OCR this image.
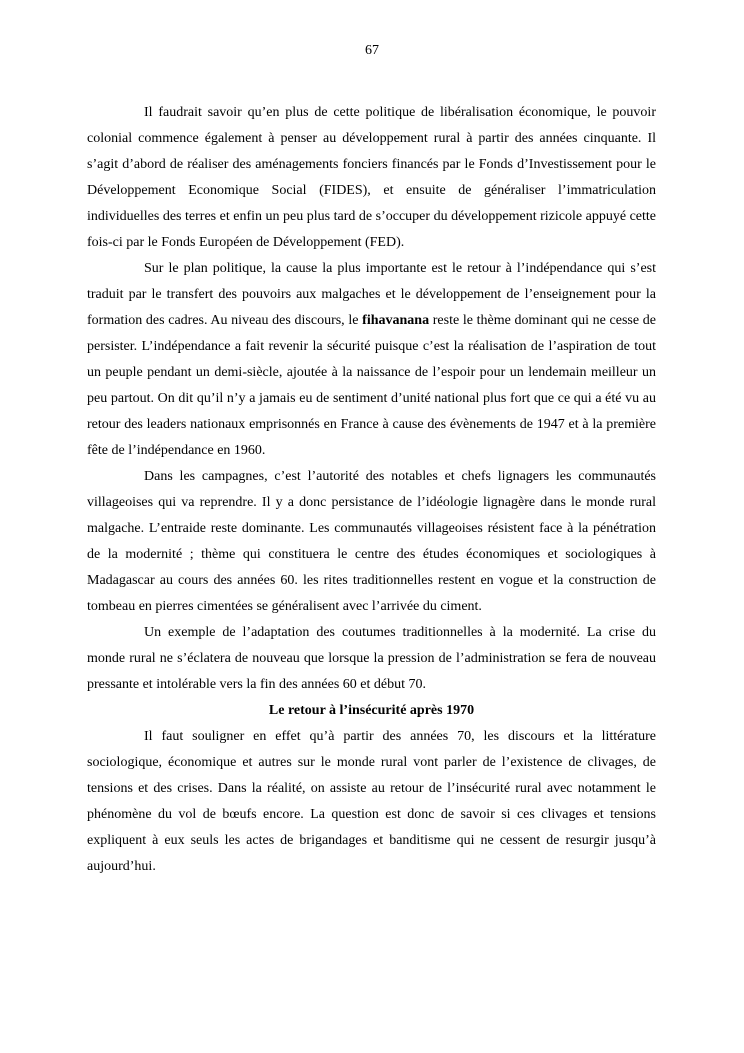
67

Il faudrait savoir qu’en plus de cette politique de libéralisation économique, le pouvoir colonial commence également à penser au développement rural à partir des années cinquante. Il s’agit d’abord de réaliser des aménagements fonciers financés par le Fonds d’Investissement pour le Développement Economique Social (FIDES), et ensuite de généraliser l’immatriculation individuelles des terres et enfin un peu plus tard de s’occuper du développement rizicole appuyé cette fois-ci par le Fonds Européen de Développement (FED).

Sur le plan politique, la cause la plus importante est le retour à l’indépendance qui s’est traduit par le transfert des pouvoirs aux malgaches et le développement de l’enseignement pour la formation des cadres. Au niveau des discours, le fihavanana reste le thème dominant qui ne cesse de persister. L’indépendance a fait revenir la sécurité puisque c’est la réalisation de l’aspiration de tout un peuple pendant un demi-siècle, ajoutée à la naissance de l’espoir pour un lendemain meilleur un peu partout. On dit qu’il n’y a jamais eu de sentiment d’unité national plus fort que ce qui a été vu au retour des leaders nationaux emprisonnés en France à cause des évènements de 1947 et à la première fête de l’indépendance en 1960.

Dans les campagnes, c’est l’autorité des notables et chefs lignagers les communautés villageoises qui va reprendre. Il y a donc persistance de l’idéologie lignagère dans le monde rural malgache. L’entraide reste dominante. Les communautés villageoises résistent face à la pénétration de la modernité ; thème qui constituera le centre des études économiques et sociologiques à Madagascar au cours des années 60. les rites traditionnelles restent en vogue et la construction de tombeau en pierres cimentées se généralisent avec l’arrivée du ciment.

Un exemple de l’adaptation des coutumes traditionnelles à la modernité. La crise du monde rural ne s’éclatera de nouveau que lorsque la pression de l’administration se fera de nouveau pressante et intolérable vers la fin des années 60 et début 70.

Le retour à l’insécurité après 1970

Il faut souligner en effet qu’à partir des années 70, les discours et la littérature sociologique, économique et autres sur le monde rural vont parler de l’existence de clivages, de tensions et des crises. Dans la réalité, on assiste au retour de l’insécurité rural avec notamment le phénomène du vol de bœufs encore. La question est donc de savoir si ces clivages et tensions expliquent à eux seuls les actes de brigandages et banditisme qui ne cessent de resurgir jusqu’à aujourd’hui.
